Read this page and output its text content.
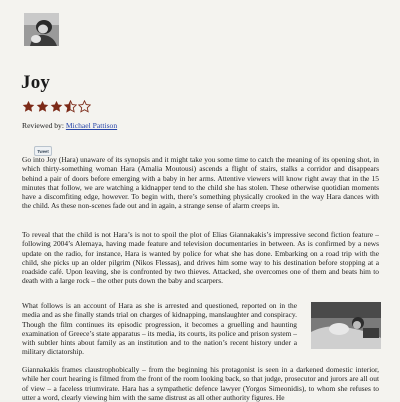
Joy
Reviewed by: Michael Pattison
Tweet

Go into Joy (Hara) unaware of its synopsis and it might take you some time to catch the meaning of its opening shot, in which thirty-something woman Hara (Amalia Moutousi) ascends a flight of stairs, stalks a corridor and disappears behind a pair of doors before emerging with a baby in her arms. Attentive viewers will know right away that in the 15 minutes that follow, we are watching a kidnapper tend to the child she has stolen. These otherwise quotidian moments have a discomfiting edge, however. To begin with, there’s something physically crooked in the way Hara dances with the child. As these non-scenes fade out and in again, a strange sense of alarm creeps in.

To reveal that the child is not Hara’s is not to spoil the plot of Elias Giannakakis’s impressive second fiction feature – following 2004’s Alemaya, having made feature and television documentaries in between. As is confirmed by a news update on the radio, for instance, Hara is wanted by police for what she has done. Embarking on a road trip with the child, she picks up an older pilgrim (Nikos Flessas), and drives him some way to his destination before stopping at a roadside café. Upon leaving, she is confronted by two thieves. Attacked, she overcomes one of them and beats him to death with a large rock – the other puts down the baby and scarpers.

What follows is an account of Hara as she is arrested and questioned, reported on in the media and as she finally stands trial on charges of kidnapping, manslaughter and conspiracy. Though the film continues its episodic progression, it becomes a gruelling and haunting examination of Greece’s state apparatus – its media, its courts, its police and prison system – with subtler hints about family as an institution and to the nation’s recent history under a military dictatorship.

Giannakakis frames claustrophobically – from the beginning his protagonist is seen in a darkened domestic interior, while her court hearing is filmed from the front of the room looking back, so that judge, prosecutor and jurors are all out of view – a faceless triumvirate. Hara has a sympathetic defence lawyer (Yorgos Simeonidis), to whom she refuses to utter a word, clearly viewing him with the same distrust as all other authority figures. He
